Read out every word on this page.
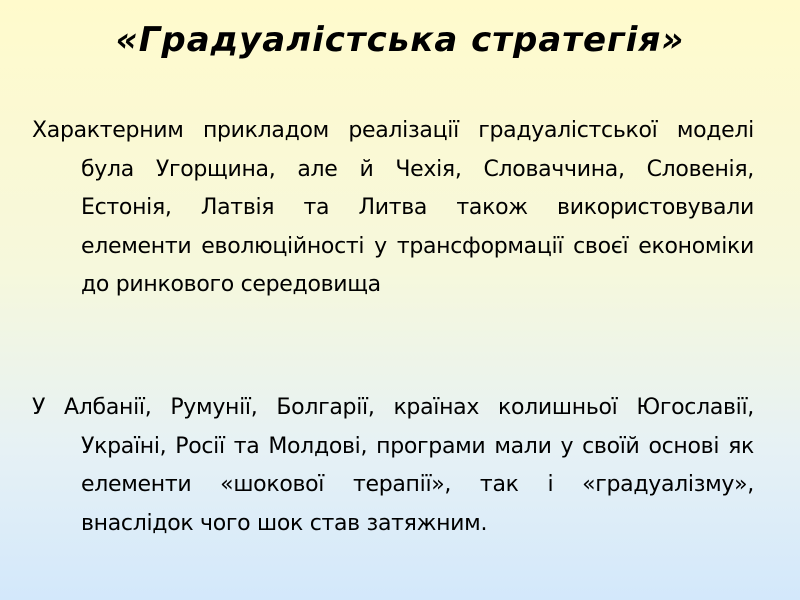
«Градуалістська стратегія»

Характерним прикладом реалізації градуалістської моделі була Угорщина, але й Чехія, Словаччина, Словенія, Естонія, Латвія та Литва також використовували елементи еволюційності у трансформації своєї економіки до ринкового середовища

У Албанії, Румунії, Болгарії, країнах колишньої Югославії, Україні, Росії та Молдові, програми мали у своїй основі як елементи «шокової терапії», так і «градуалізму», внаслідок чого шок став затяжним.
